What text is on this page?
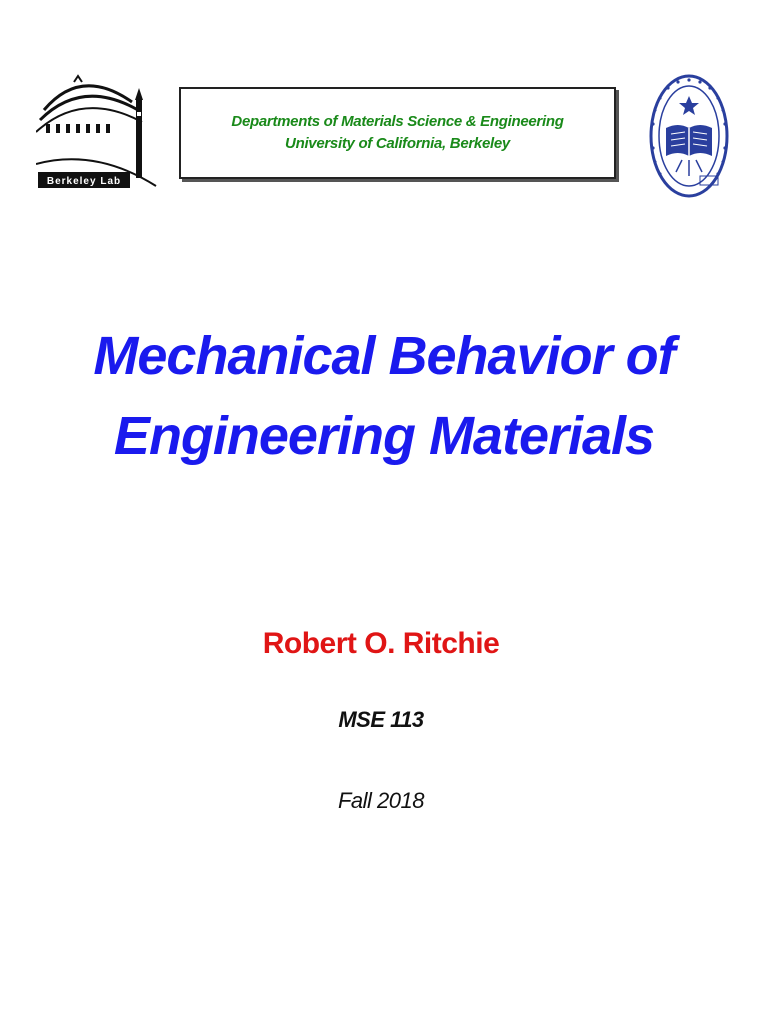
Berkeley Lab
Departments of Materials Science & Engineering
University of California, Berkeley
Mechanical Behavior of
Engineering Materials
Robert O. Ritchie
MSE 113
Fall 2018
